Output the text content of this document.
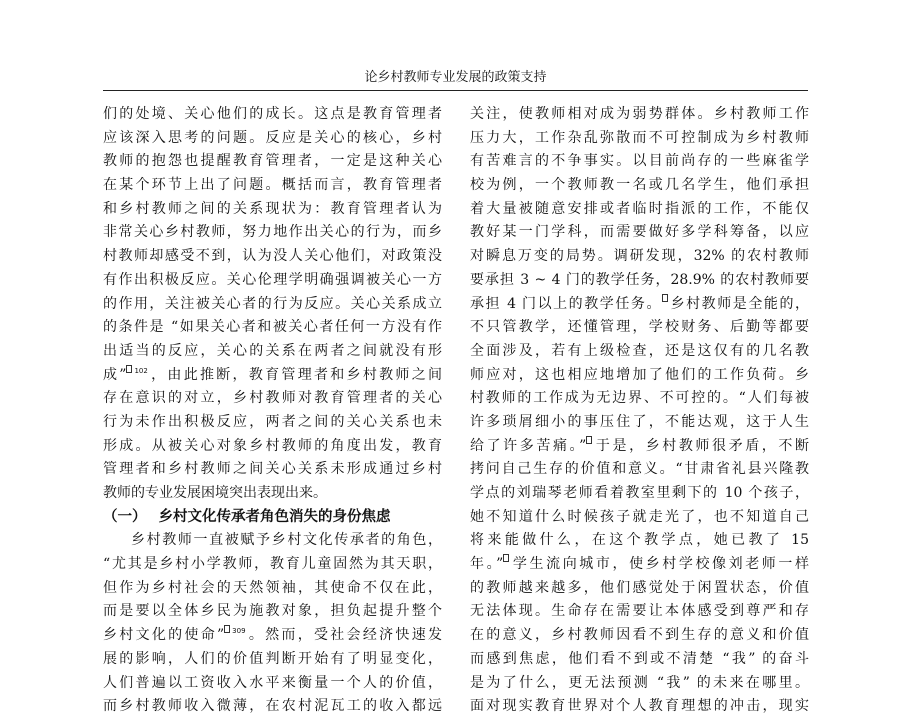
论乡村教师专业发展的政策支持
们的处境、关心他们的成长。这点是教育管理者
应该深入思考的问题。反应是关心的核心，乡村
教师的抱怨也提醒教育管理者，一定是这种关心
在某个环节上出了问题。概括而言，教育管理者
和乡村教师之间的关系现状为：教育管理者认为
非常关心乡村教师，努力地作出关心的行为，而乡
村教师却感受不到，认为没人关心他们，对政策没
有作出积极反应。关心伦理学明确强调被关心一方
的作用，关注被关心者的行为反应。关心关系成立
的条件是 “如果关心者和被关心者任何一方没有作
出适当的反应，关心的关系在两者之间就没有形
成” $^{102}$，由此推断，教育管理者和乡村教师之间
存在意识的对立，乡村教师对教育管理者的关心
行为未作出积极反应，两者之间的关心关系也未
形成。从被关心对象乡村教师的角度出发，教育
管理者和乡村教师之间关心关系未形成通过乡村
教师的专业发展困境突出表现出来。
（一） 乡村文化传承者角色消失的身份焦虑
乡村教师一直被赋予乡村文化传承者的角色，
“尤其是乡村小学教师，教育儿童固然为其天职，
但作为乡村社会的天然领袖，其使命不仅在此，
而是要以全体乡民为施教对象，担负起提升整个
乡村文化的使命” $^{309}$。然而，受社会经济快速发
展的影响，人们的价值判断开始有了明显变化，
人们普遍以工资收入水平来衡量一个人的价值，
而乡村教师收入微薄，在农村泥瓦工的收入都远
关注，使教师相对成为弱势群体。乡村教师工作
压力大，工作杂乱弥散而不可控制成为乡村教师
有苦难言的不争事实。以目前尚存的一些麻雀学
校为例，一个教师教一名或几名学生，他们承担
着大量被随意安排或者临时指派的工作，不能仅
教好某一门学科，而需要做好多学科筹备，以应
对瞬息万变的局势。调研发现，32% 的农村教师
要承担 3 ~ 4 门的教学任务，28.9% 的农村教师要
承担 4 门以上的教学任务。 乡村教师是全能的，
不只管教学，还懂管理，学校财务、后勤等都要
全面涉及，若有上级检查，还是这仅有的几名教
师应对，这也相应地增加了他们的工作负荷。乡
村教师的工作成为无边界、不可控的。“人们每被
许多琐屑细小的事压住了，不能达观，这于人生
给了许多苦痛。” 于是，乡村教师很矛盾，不断
拷问自己生存的价值和意义。“甘肃省礼县兴隆教
学点的刘瑞琴老师看着教室里剩下的 10 个孩子，
她不知道什么时候孩子就走光了，也不知道自己
将来能做什么，在这个教学点，她已教了 15
年。” 学生流向城市，使乡村学校像刘老师一样
的教师越来越多，他们感觉处于闲置状态，价值
无法体现。生命存在需要让本体感受到尊严和存
在的意义，乡村教师因看不到生存的意义和价值
而感到焦虑，他们看不到或不清楚 “我” 的奋斗
是为了什么，更无法预测 “我” 的未来在哪里。
面对现实教育世界对个人教育理想的冲击，现实
